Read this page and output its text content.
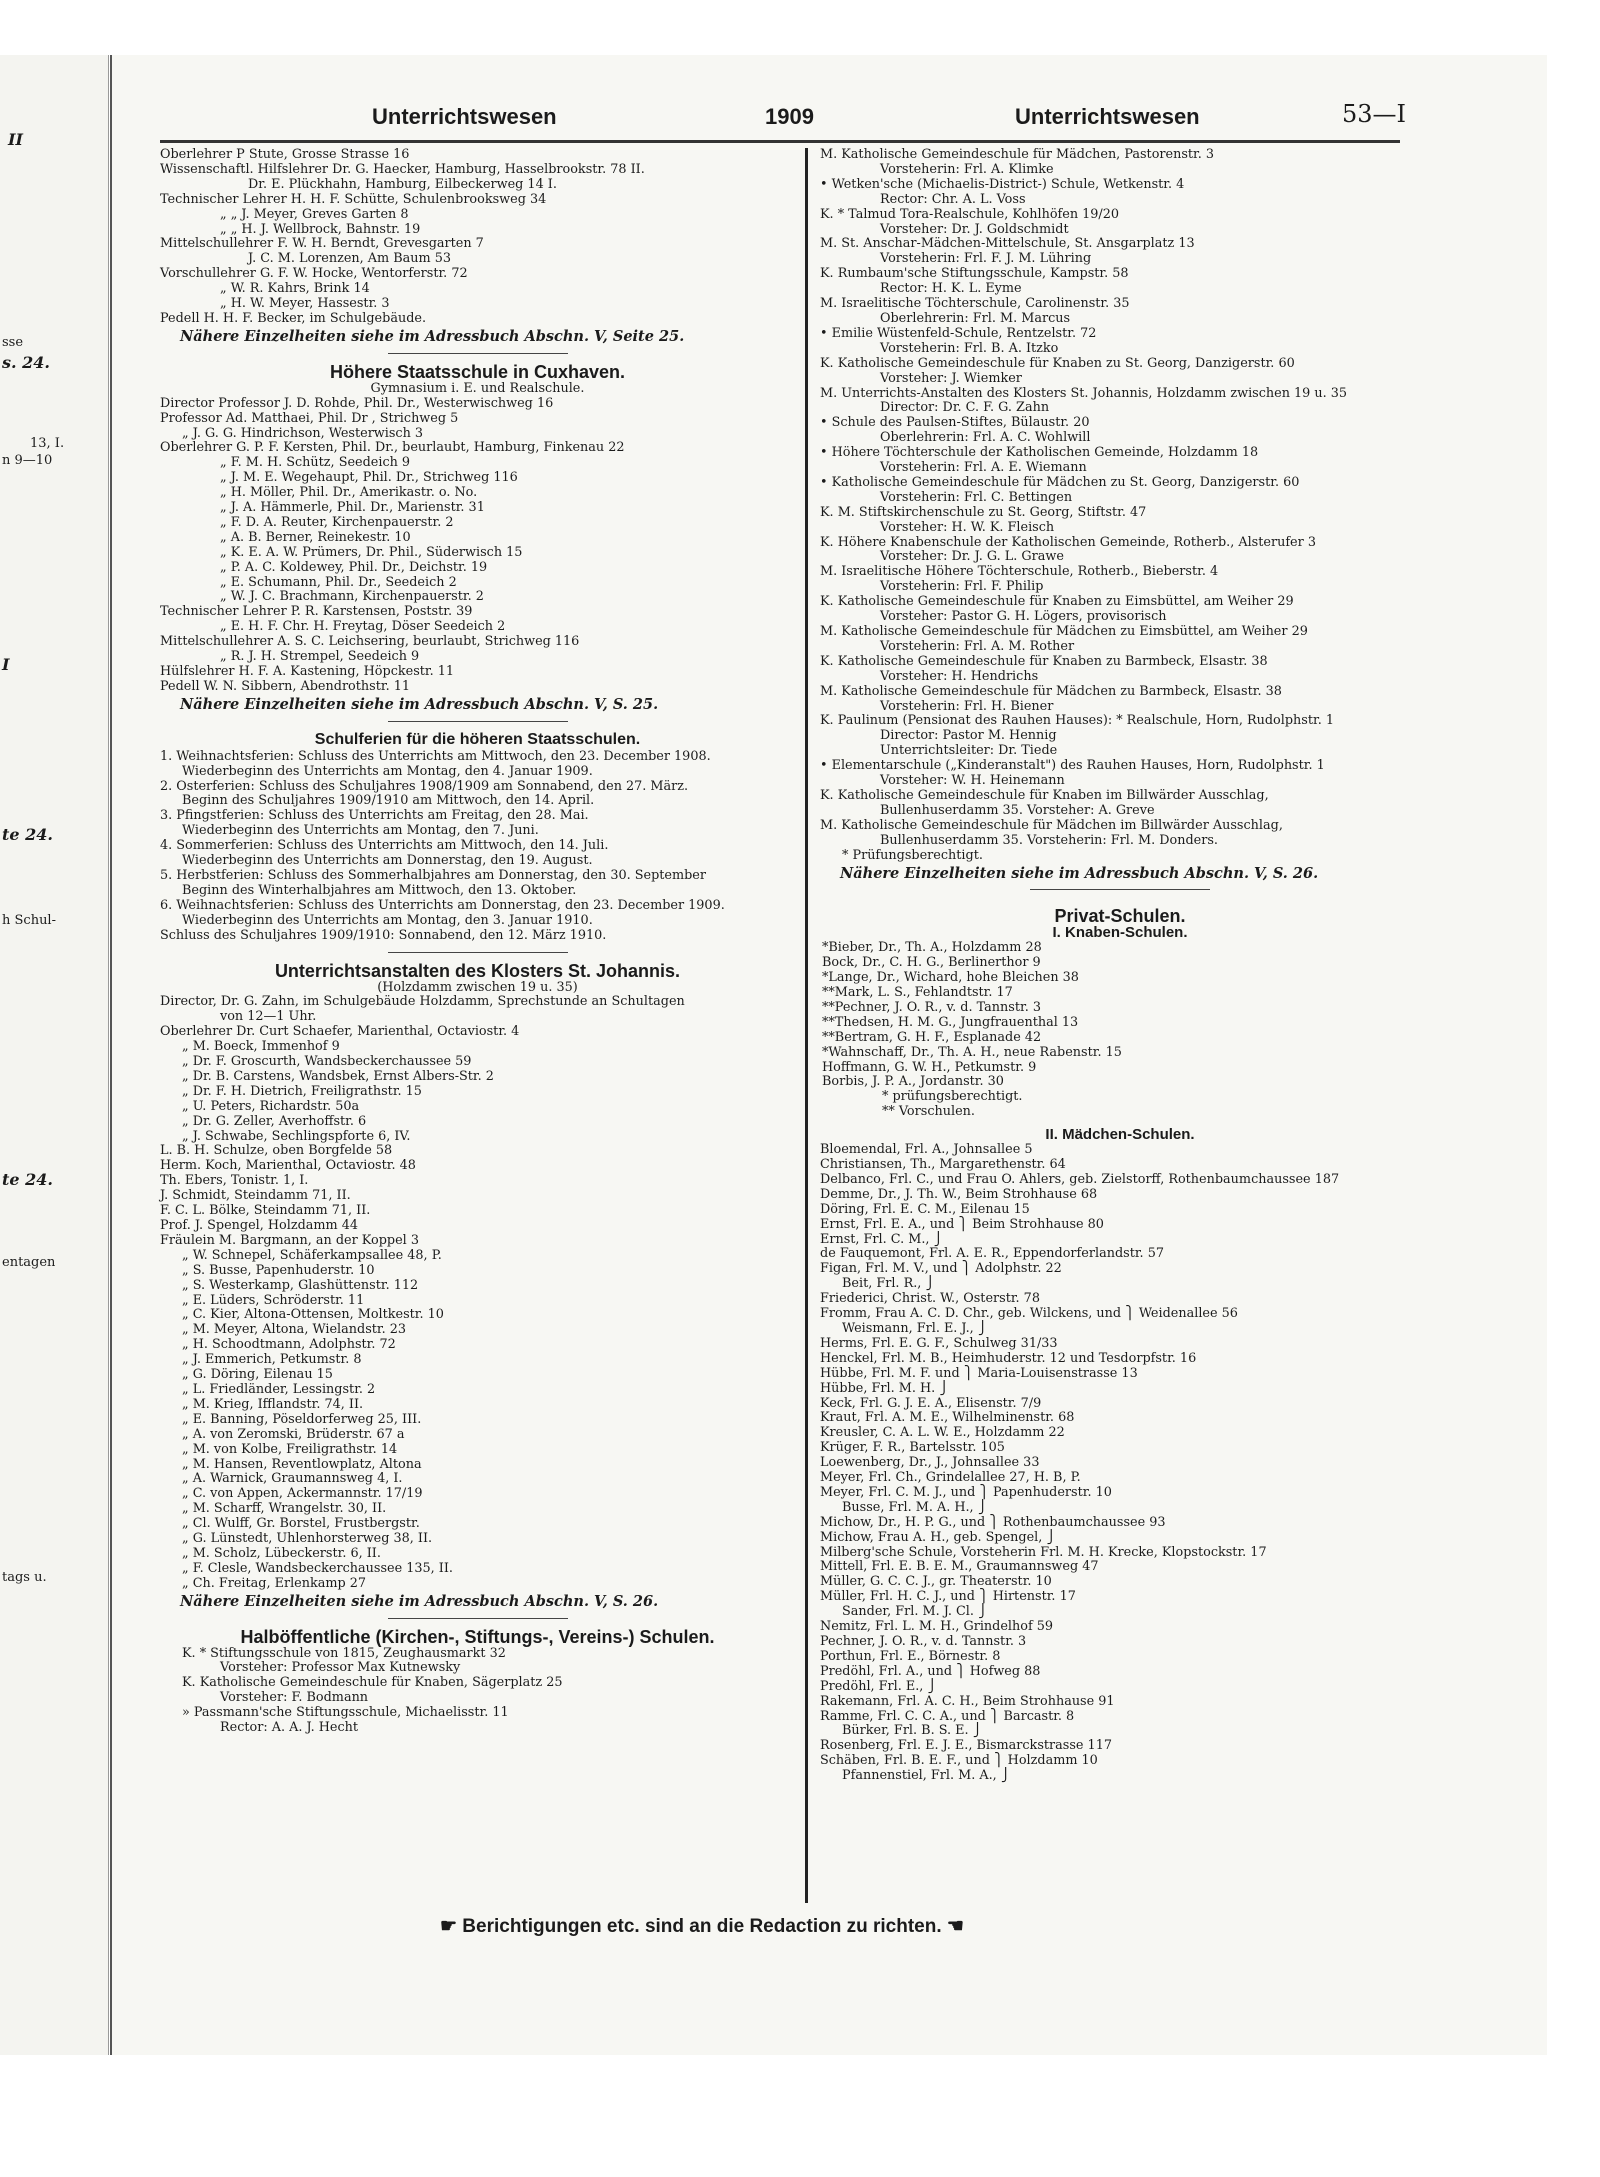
II
sse
s. 24.
13, I.
n 9—10
I
te 24.
h Schul-
te 24.
entagen
tags u.
Unterrichtswesen	1909	Unterrichtswesen	53—I
Oberlehrer P Stute, Grosse Strasse 16
Wissenschaftl. Hilfslehrer Dr. G. Haecker, Hamburg, Hasselbrookstr. 78 II.
Dr. E. Plückhahn, Hamburg, Eilbeckerweg 14 I.
Technischer Lehrer H. H. F. Schütte, Schulenbrooksweg 34
„ „ J. Meyer, Greves Garten 8
„ „ H. J. Wellbrock, Bahnstr. 19
Mittelschullehrer F. W. H. Berndt, Grevesgarten 7
J. C. M. Lorenzen, Am Baum 53
Vorschullehrer G. F. W. Hocke, Wentorferstr. 72
„ W. R. Kahrs, Brink 14
„ H. W. Meyer, Hassestr. 3
Pedell H. H. F. Becker, im Schulgebäude.
Nähere Einzelheiten siehe im Adressbuch Abschn. V, Seite 25.
Höhere Staatsschule in Cuxhaven.
Gymnasium i. E. und Realschule.
Director Professor J. D. Rohde, Phil. Dr., Westerwischweg 16
Professor Ad. Matthaei, Phil. Dr , Strichweg 5
„ J. G. G. Hindrichson, Westerwisch 3
Oberlehrer G. P. F. Kersten, Phil. Dr., beurlaubt, Hamburg, Finkenau 22
„ F. M. H. Schütz, Seedeich 9
„ J. M. E. Wegehaupt, Phil. Dr., Strichweg 116
„ H. Möller, Phil. Dr., Amerikastr. o. No.
„ J. A. Hämmerle, Phil. Dr., Marienstr. 31
„ F. D. A. Reuter, Kirchenpauerstr. 2
„ A. B. Berner, Reinekestr. 10
„ K. E. A. W. Prümers, Dr. Phil., Süderwisch 15
„ P. A. C. Koldewey, Phil. Dr., Deichstr. 19
„ E. Schumann, Phil. Dr., Seedeich 2
„ W. J. C. Brachmann, Kirchenpauerstr. 2
Technischer Lehrer P. R. Karstensen, Poststr. 39
„ E. H. F. Chr. H. Freytag, Döser Seedeich 2
Mittelschullehrer A. S. C. Leichsering, beurlaubt, Strichweg 116
„ R. J. H. Strempel, Seedeich 9
Hülfslehrer H. F. A. Kastening, Höpckestr. 11
Pedell W. N. Sibbern, Abendrothstr. 11
Nähere Einzelheiten siehe im Adressbuch Abschn. V, S. 25.
Schulferien für die höheren Staatsschulen.
1. Weihnachtsferien: Schluss des Unterrichts am Mittwoch, den 23. December 1908.
Wiederbeginn des Unterrichts am Montag, den 4. Januar 1909.
2. Osterferien: Schluss des Schuljahres 1908/1909 am Sonnabend, den 27. März.
Beginn des Schuljahres 1909/1910 am Mittwoch, den 14. April.
3. Pfingstferien: Schluss des Unterrichts am Freitag, den 28. Mai.
Wiederbeginn des Unterrichts am Montag, den 7. Juni.
4. Sommerferien: Schluss des Unterrichts am Mittwoch, den 14. Juli.
Wiederbeginn des Unterrichts am Donnerstag, den 19. August.
5. Herbstferien: Schluss des Sommerhalbjahres am Donnerstag, den 30. September
Beginn des Winterhalbjahres am Mittwoch, den 13. Oktober.
6. Weihnachtsferien: Schluss des Unterrichts am Donnerstag, den 23. December 1909.
Wiederbeginn des Unterrichts am Montag, den 3. Januar 1910.
Schluss des Schuljahres 1909/1910: Sonnabend, den 12. März 1910.
Unterrichtsanstalten des Klosters St. Johannis.
(Holzdamm zwischen 19 u. 35)
Director, Dr. G. Zahn, im Schulgebäude Holzdamm, Sprechstunde an Schultagen
von 12—1 Uhr.
Oberlehrer Dr. Curt Schaefer, Marienthal, Octaviostr. 4
„ M. Boeck, Immenhof 9
„ Dr. F. Groscurth, Wandsbeckerchaussee 59
„ Dr. B. Carstens, Wandsbek, Ernst Albers-Str. 2
„ Dr. F. H. Dietrich, Freiligrathstr. 15
„ U. Peters, Richardstr. 50a
„ Dr. G. Zeller, Averhoffstr. 6
„ J. Schwabe, Sechlingspforte 6, IV.
L. B. H. Schulze, oben Borgfelde 58
Herm. Koch, Marienthal, Octaviostr. 48
Th. Ebers, Tonistr. 1, I.
J. Schmidt, Steindamm 71, II.
F. C. L. Bölke, Steindamm 71, II.
Prof. J. Spengel, Holzdamm 44
Fräulein M. Bargmann, an der Koppel 3
„ W. Schnepel, Schäferkampsallee 48, P.
„ S. Busse, Papenhuderstr. 10
„ S. Westerkamp, Glashüttenstr. 112
„ E. Lüders, Schröderstr. 11
„ C. Kier, Altona-Ottensen, Moltkestr. 10
„ M. Meyer, Altona, Wielandstr. 23
„ H. Schoodtmann, Adolphstr. 72
„ J. Emmerich, Petkumstr. 8
„ G. Döring, Eilenau 15
„ L. Friedländer, Lessingstr. 2
„ M. Krieg, Ifflandstr. 74, II.
„ E. Banning, Pöseldorferweg 25, III.
„ A. von Zeromski, Brüderstr. 67 a
„ M. von Kolbe, Freiligrathstr. 14
„ M. Hansen, Reventlowplatz, Altona
„ A. Warnick, Graumannsweg 4, I.
„ C. von Appen, Ackermannstr. 17/19
„ M. Scharff, Wrangelstr. 30, II.
„ Cl. Wulff, Gr. Borstel, Frustbergstr.
„ G. Lünstedt, Uhlenhorsterweg 38, II.
„ M. Scholz, Lübeckerstr. 6, II.
„ F. Clesle, Wandsbeckerchaussee 135, II.
„ Ch. Freitag, Erlenkamp 27
Nähere Einzelheiten siehe im Adressbuch Abschn. V, S. 26.
Halböffentliche (Kirchen-, Stiftungs-, Vereins-) Schulen.
K. * Stiftungsschule von 1815, Zeughausmarkt 32
Vorsteher: Professor Max Kutnewsky
K. Katholische Gemeindeschule für Knaben, Sägerplatz 25
Vorsteher: F. Bodmann
» Passmann'sche Stiftungsschule, Michaelisstr. 11
Rector: A. A. J. Hecht
M. Katholische Gemeindeschule für Mädchen, Pastorenstr. 3
Vorsteherin: Frl. A. Klimke
• Wetken'sche (Michaelis-District-) Schule, Wetkenstr. 4
Rector: Chr. A. L. Voss
K. * Talmud Tora-Realschule, Kohlhöfen 19/20
Vorsteher: Dr. J. Goldschmidt
M. St. Anschar-Mädchen-Mittelschule, St. Ansgarplatz 13
Vorsteherin: Frl. F. J. M. Lühring
K. Rumbaum'sche Stiftungsschule, Kampstr. 58
Rector: H. K. L. Eyme
M. Israelitische Töchterschule, Carolinenstr. 35
Oberlehrerin: Frl. M. Marcus
• Emilie Wüstenfeld-Schule, Rentzelstr. 72
Vorsteherin: Frl. B. A. Itzko
K. Katholische Gemeindeschule für Knaben zu St. Georg, Danzigerstr. 60
Vorsteher: J. Wiemker
M. Unterrichts-Anstalten des Klosters St. Johannis, Holzdamm zwischen 19 u. 35
Director: Dr. C. F. G. Zahn
• Schule des Paulsen-Stiftes, Bülaustr. 20
Oberlehrerin: Frl. A. C. Wohlwill
• Höhere Töchterschule der Katholischen Gemeinde, Holzdamm 18
Vorsteherin: Frl. A. E. Wiemann
• Katholische Gemeindeschule für Mädchen zu St. Georg, Danzigerstr. 60
Vorsteherin: Frl. C. Bettingen
K. M. Stiftskirchenschule zu St. Georg, Stiftstr. 47
Vorsteher: H. W. K. Fleisch
K. Höhere Knabenschule der Katholischen Gemeinde, Rotherb., Alsterufer 3
Vorsteher: Dr. J. G. L. Grawe
M. Israelitische Höhere Töchterschule, Rotherb., Bieberstr. 4
Vorsteherin: Frl. F. Philip
K. Katholische Gemeindeschule für Knaben zu Eimsbüttel, am Weiher 29
Vorsteher: Pastor G. H. Lögers, provisorisch
M. Katholische Gemeindeschule für Mädchen zu Eimsbüttel, am Weiher 29
Vorsteherin: Frl. A. M. Rother
K. Katholische Gemeindeschule für Knaben zu Barmbeck, Elsastr. 38
Vorsteher: H. Hendrichs
M. Katholische Gemeindeschule für Mädchen zu Barmbeck, Elsastr. 38
Vorsteherin: Frl. H. Biener
K. Paulinum (Pensionat des Rauhen Hauses): * Realschule, Horn, Rudolphstr. 1
Director: Pastor M. Hennig
Unterrichtsleiter: Dr. Tiede
• Elementarschule („Kinderanstalt") des Rauhen Hauses, Horn, Rudolphstr. 1
Vorsteher: W. H. Heinemann
K. Katholische Gemeindeschule für Knaben im Billwärder Ausschlag,
Bullenhuserdamm 35. Vorsteher: A. Greve
M. Katholische Gemeindeschule für Mädchen im Billwärder Ausschlag,
Bullenhuserdamm 35. Vorsteherin: Frl. M. Donders.
* Prüfungsberechtigt.
Nähere Einzelheiten siehe im Adressbuch Abschn. V, S. 26.
Privat-Schulen.
I. Knaben-Schulen.
*Bieber, Dr., Th. A., Holzdamm 28
Bock, Dr., C. H. G., Berlinerthor 9
*Lange, Dr., Wichard, hohe Bleichen 38
**Mark, L. S., Fehlandtstr. 17
**Pechner, J. O. R., v. d. Tannstr. 3
**Thedsen, H. M. G., Jungfrauenthal 13
**Bertram, G. H. F., Esplanade 42
*Wahnschaff, Dr., Th. A. H., neue Rabenstr. 15
Hoffmann, G. W. H., Petkumstr. 9
Borbis, J. P. A., Jordanstr. 30
* prüfungsberechtigt.
** Vorschulen.
II. Mädchen-Schulen.
Bloemendal, Frl. A., Johnsallee 5
Christiansen, Th., Margarethenstr. 64
Delbanco, Frl. C., und Frau O. Ahlers, geb. Zielstorff, Rothenbaumchaussee 187
Demme, Dr., J. Th. W., Beim Strohhause 68
Döring, Frl. E. C. M., Eilenau 15
Ernst, Frl. E. A., und ⎫ Beim Strohhause 80
Ernst, Frl. C. M., ⎭
de Fauquemont, Frl. A. E. R., Eppendorferlandstr. 57
Figan, Frl. M. V., und ⎫ Adolphstr. 22
Beit, Frl. R., ⎭
Friederici, Christ. W., Osterstr. 78
Fromm, Frau A. C. D. Chr., geb. Wilckens, und ⎫ Weidenallee 56
Weismann, Frl. E. J., ⎭
Herms, Frl. E. G. F., Schulweg 31/33
Henckel, Frl. M. B., Heimhuderstr. 12 und Tesdorpfstr. 16
Hübbe, Frl. M. F. und ⎫ Maria-Louisenstrasse 13
Hübbe, Frl. M. H. ⎭
Keck, Frl. G. J. E. A., Elisenstr. 7/9
Kraut, Frl. A. M. E., Wilhelminenstr. 68
Kreusler, C. A. L. W. E., Holzdamm 22
Krüger, F. R., Bartelsstr. 105
Loewenberg, Dr., J., Johnsallee 33
Meyer, Frl. Ch., Grindelallee 27, H. B, P.
Meyer, Frl. C. M. J., und ⎫ Papenhuderstr. 10
Busse, Frl. M. A. H., ⎭
Michow, Dr., H. P. G., und ⎫ Rothenbaumchaussee 93
Michow, Frau A. H., geb. Spengel, ⎭
Milberg'sche Schule, Vorsteherin Frl. M. H. Krecke, Klopstockstr. 17
Mittell, Frl. E. B. E. M., Graumannsweg 47
Müller, G. C. C. J., gr. Theaterstr. 10
Müller, Frl. H. C. J., und ⎫ Hirtenstr. 17
Sander, Frl. M. J. Cl. ⎭
Nemitz, Frl. L. M. H., Grindelhof 59
Pechner, J. O. R., v. d. Tannstr. 3
Porthun, Frl. E., Börnestr. 8
Predöhl, Frl. A., und ⎫ Hofweg 88
Predöhl, Frl. E., ⎭
Rakemann, Frl. A. C. H., Beim Strohhause 91
Ramme, Frl. C. C. A., und ⎫ Barcastr. 8
Bürker, Frl. B. S. E. ⎭
Rosenberg, Frl. E. J. E., Bismarckstrasse 117
Schäben, Frl. B. E. F., und ⎫ Holzdamm 10
Pfannenstiel, Frl. M. A., ⎭
☛ Berichtigungen etc. sind an die Redaction zu richten. ☚
